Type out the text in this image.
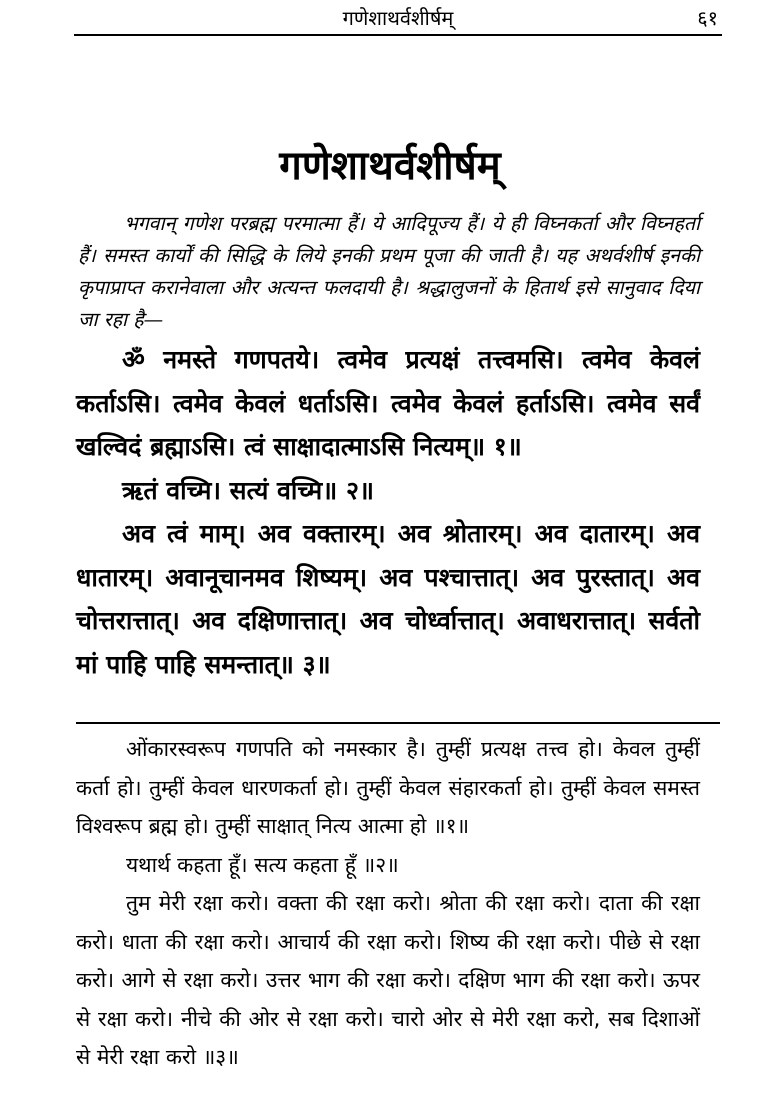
गणेशाथर्वशीर्षम्	६१
गणेशाथर्वशीर्षम्

भगवान् गणेश परब्रह्म परमात्मा हैं। ये आदिपूज्य हैं। ये ही विघ्नकर्ता और विघ्नहर्ता हैं। समस्त कार्यों की सिद्धि के लिये इनकी प्रथम पूजा की जाती है। यह अथर्वशीर्ष इनकी कृपाप्राप्त करानेवाला और अत्यन्त फलदायी है। श्रद्धालुजनों के हितार्थ इसे सानुवाद दिया जा रहा है—

ॐ नमस्ते गणपतये। त्वमेव प्रत्यक्षं तत्त्वमसि। त्वमेव केवलं कर्ताऽसि। त्वमेव केवलं धर्ताऽसि। त्वमेव केवलं हर्ताऽसि। त्वमेव सर्वं खल्विदं ब्रह्माऽसि। त्वं साक्षादात्माऽसि नित्यम्॥ १॥

ऋतं वच्मि। सत्यं वच्मि॥ २॥

अव त्वं माम्। अव वक्तारम्। अव श्रोतारम्। अव दातारम्। अव धातारम्। अवानूचानमव शिष्यम्। अव पश्चात्तात्। अव पुरस्तात्। अव चोत्तरात्तात्। अव दक्षिणात्तात्। अव चोर्ध्वात्तात्। अवाधरात्तात्। सर्वतो मां पाहि पाहि समन्तात्॥ ३॥

ओंकारस्वरूप गणपति को नमस्कार है। तुम्हीं प्रत्यक्ष तत्त्व हो। केवल तुम्हीं कर्ता हो। तुम्हीं केवल धारणकर्ता हो। तुम्हीं केवल संहारकर्ता हो। तुम्हीं केवल समस्त विश्वरूप ब्रह्म हो। तुम्हीं साक्षात् नित्य आत्मा हो ॥१॥

यथार्थ कहता हूँ। सत्य कहता हूँ ॥२॥

तुम मेरी रक्षा करो। वक्ता की रक्षा करो। श्रोता की रक्षा करो। दाता की रक्षा करो। धाता की रक्षा करो। आचार्य की रक्षा करो। शिष्य की रक्षा करो। पीछे से रक्षा करो। आगे से रक्षा करो। उत्तर भाग की रक्षा करो। दक्षिण भाग की रक्षा करो। ऊपर से रक्षा करो। नीचे की ओर से रक्षा करो। चारो ओर से मेरी रक्षा करो, सब दिशाओं से मेरी रक्षा करो ॥३॥
